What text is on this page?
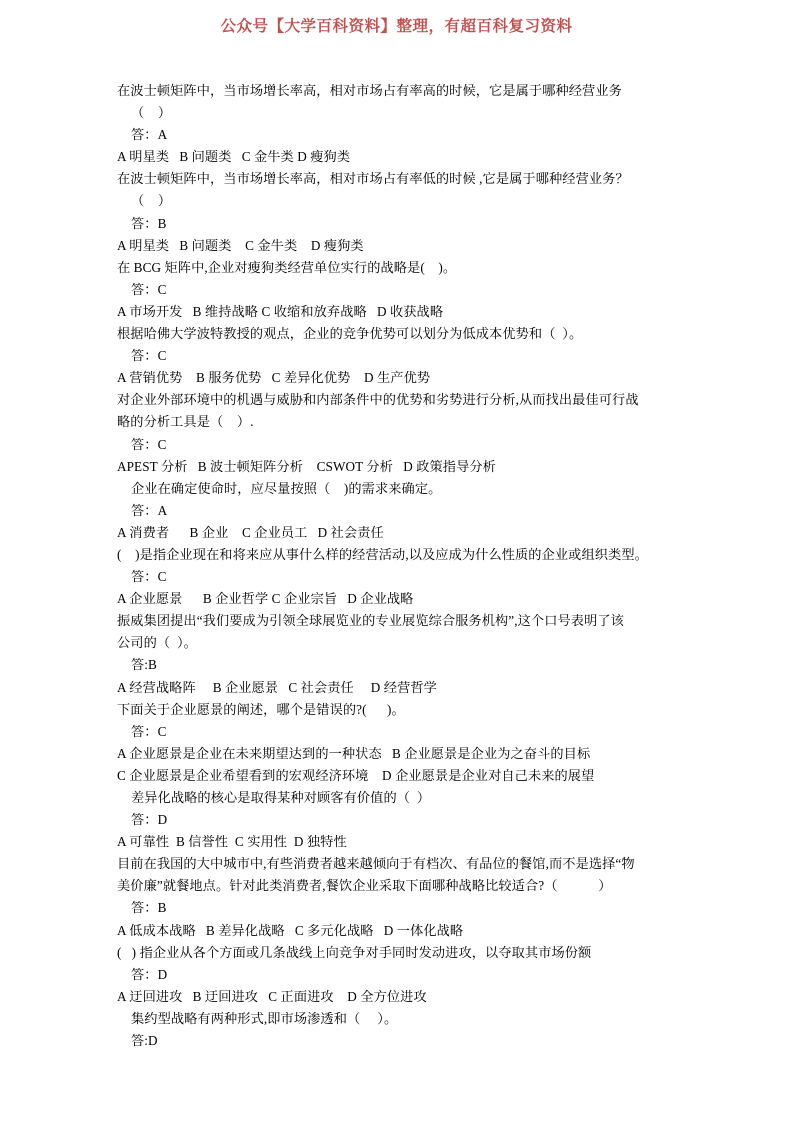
公众号【大学百科资料】整理，有超百科复习资料
在波士顿矩阵中，当市场增长率高，相对市场占有率高的时候，它是属于哪种经营业务
（    ）
答：A
A 明星类   B 问题类   C 金牛类 D 瘦狗类
在波士顿矩阵中，当市场增长率高，相对市场占有率低的时候 ,它是属于哪种经营业务？
（    ）
答：B
A 明星类   B 问题类    C 金牛类    D 瘦狗类
在 BCG 矩阵中,企业对瘦狗类经营单位实行的战略是(    )。
答：C
A 市场开发   B 维持战略 C 收缩和放弃战略   D 收获战略
根据哈佛大学波特教授的观点，企业的竞争优势可以划分为低成本优势和（  ）。
答：C
A 营销优势    B 服务优势   C 差异化优势    D 生产优势
对企业外部环境中的机遇与威胁和内部条件中的优势和劣势进行分析,从而找出最佳可行战
略的分析工具是（    ）.
答：C
APEST 分析   B 波士顿矩阵分析    CSWOT 分析   D 政策指导分析
企业在确定使命时，应尽量按照（    )的需求来确定。
答：A
A 消费者      B 企业    C 企业员工   D 社会责任
(    )是指企业现在和将来应从事什么样的经营活动,以及应成为什么性质的企业或组织类型。
答：C
A 企业愿景      B 企业哲学 C 企业宗旨   D 企业战略
振威集团提出“我们要成为引领全球展览业的专业展览综合服务机构”,这个口号表明了该
公司的（  ）。
答:B
A 经营战略阵     B 企业愿景   C 社会责任     D 经营哲学
下面关于企业愿景的阐述，哪个是错误的?(      )。
答：C
A 企业愿景是企业在未来期望达到的一种状态   B 企业愿景是企业为之奋斗的目标
C 企业愿景是企业希望看到的宏观经济环境    D 企业愿景是企业对自己未来的展望
差异化战略的核心是取得某种对顾客有价值的（  ）
答：D
A 可靠性  B 信誉性  C 实用性  D 独特性
目前在我国的大中城市中,有些消费者越来越倾向于有档次、有品位的餐馆,而不是选择“物
美价廉”就餐地点。针对此类消费者,餐饮企业采取下面哪种战略比较适合?（            ）
答：B
A 低成本战略   B 差异化战略   C 多元化战略   D 一体化战略
(   ) 指企业从各个方面或几条战线上向竞争对手同时发动进攻，以夺取其市场份额
答：D
A 迂回进攻   B 迂回进攻   C 正面进攻    D 全方位进攻
集约型战略有两种形式,即市场渗透和（     ）。
答:D
